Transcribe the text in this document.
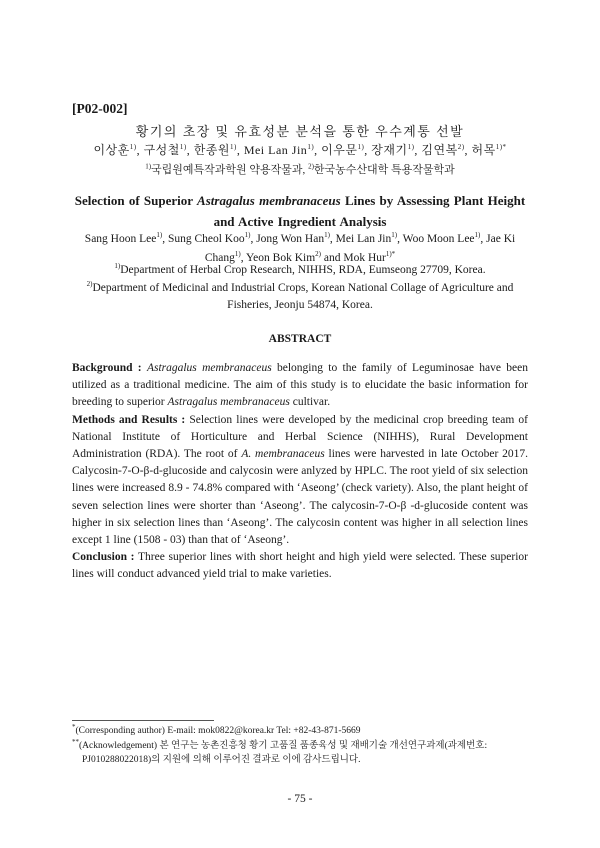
[P02-002]
황기의 초장 및 유효성분 분석을 통한 우수계통 선발
이상훈$^{1)}$, 구성철$^{1)}$, 한종원$^{1)}$, Mei Lan Jin$^{1)}$, 이우문$^{1)}$, 장재기$^{1)}$, 김연복$^{2)}$, 허목$^{1)*}$
$^{1)}$국립원예특작과학원 약용작물과, $^{2)}$한국농수산대학 특용작물학과
Selection of Superior Astragalus membranaceus Lines by Assessing Plant Height
and Active Ingredient Analysis
Sang Hoon Lee$^{1)}$, Sung Cheol Koo$^{1)}$, Jong Won Han$^{1)}$, Mei Lan Jin$^{1)}$, Woo Moon Lee$^{1)}$, Jae Ki Chang$^{1)}$, Yeon Bok Kim$^{2)}$ and Mok Hur$^{1)*}$
$^{1)}$Department of Herbal Crop Research, NIHHS, RDA, Eumseong 27709, Korea.
$^{2)}$Department of Medicinal and Industrial Crops, Korean National Collage of Agriculture and Fisheries, Jeonju 54874, Korea.
ABSTRACT

Background : Astragalus membranaceus belonging to the family of Leguminosae have been utilized as a traditional medicine. The aim of this study is to elucidate the basic information for breeding to superior Astragalus membranaceus cultivar.

Methods and Results : Selection lines were developed by the medicinal crop breeding team of National Institute of Horticulture and Herbal Science (NIHHS), Rural Development Administration (RDA). The root of A. membranaceus lines were harvested in late October 2017. Calycosin-7-O-β-d-glucoside and calycosin were anlyzed by HPLC. The root yield of six selection lines were increased 8.9 - 74.8% compared with ‘Aseong’ (check variety). Also, the plant height of seven selection lines were shorter than ‘Aseong’. The calycosin‐7-O-β -d-glucoside content was higher in six selection lines than ‘Aseong’. The calycosin content was higher in all selection lines except 1 line (1508 - 03) than that of ‘Aseong’.

Conclusion : Three superior lines with short height and high yield were selected. These superior lines will conduct advanced yield trial to make varieties.

*(Corresponding author) E-mail: mok0822@korea.kr Tel: +82-43-871-5669
**(Acknowledgement) 본 연구는 농촌진흥청 황기 고품질 품종육성 및 재배기술 개선연구과제(과제번호:
PJ010288022018)의 지원에 의해 이루어진 결과로 이에 감사드립니다.
- 75 -
